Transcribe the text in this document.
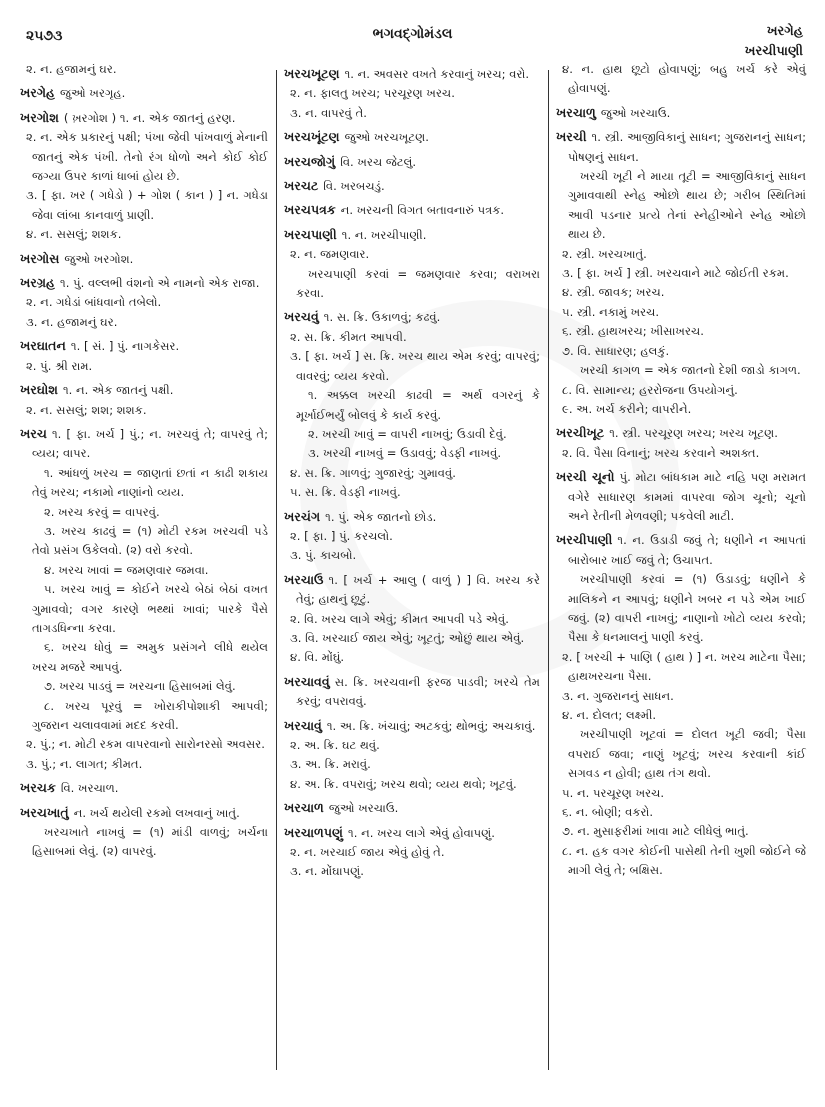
૨૫૭૩	ભગવદ્ગોમંડલ	ખરગેહ
ખરચીપાણી

૨. ન. હજામનું ઘર.

ખરગેહ જુઓ ખરગૃહ.

ખરગોશ ( ખ઼રગોશ ) ૧. ન. એક જાતનું હરણ.

૨. ન. એક પ્રકારનું પક્ષી; પંખા જેવી પાંખવાળું મેનાની જાતનું એક પંખી. તેનો રંગ ધોળો અને કોઈ કોઈ જગ્યા ઉપર કાળાં ધાબાં હોય છે.

૩. [ ફા. ખર ( ગધેડો ) + ગોશ ( કાન ) ] ન. ગધેડા જેવા લાંબા કાનવાળું પ્રાણી.

૪. ન. સસલું; શશક.

ખરગોસ જુઓ ખરગોશ.

ખરગ્રહ ૧. પું. વલ્લભી વંશનો એ નામનો એક રાજા.

૨. ન. ગધેડાં બાંધવાનો તબેલો.

૩. ન. હજામનું ઘર.

ખરઘાતન ૧. [ સં. ] પું. નાગકેસર.

૨. પું. શ્રી રામ.

ખરઘોશ ૧. ન. એક જાતનું પક્ષી.

૨. ન. સસલું; શશ; શશક.

ખરચ ૧. [ ફા. ખર્ચ ] પું.; ન. ખરચવું તે; વાપરવું તે; વ્યય; વાપર.

૧. આંધળું ખરચ = જાણતાં છતાં ન કાઢી શકાય તેવું ખરચ; નકામો નાણાંનો વ્યય.

૨. ખરચ કરવું = વાપરવું.

૩. ખરચ કાઢવું = (૧) મોટી રકમ ખરચવી પડે તેવો પ્રસંગ ઉકેલવો. (૨) વરો કરવો.

૪. ખરચ ખાવાં = જમણવાર જમવા.

૫. ખરચ ખાવું = કોઈને ખરચે બેઠાં બેઠાં વખત ગુમાવવો; વગર કારણે ભથ્થાં ખાવાં; પારકે પૈસે તાગડધિન્ના કરવા.

૬. ખરચ ધોવું = અમુક પ્રસંગને લીધે થયેલ ખરચ મજરે આપવું.

૭. ખરચ પાડવું = ખરચના હિસાબમાં લેવું.

૮. ખરચ પૂરવું = ખોરાકીપોશાકી આપવી; ગુજરાન ચલાવવામાં મદદ કરવી.

૨. પું.; ન. મોટી રકમ વાપરવાનો સારોનરસો અવસર.

૩. પું.; ન. લાગત; કીમત.

ખરચક વિ. ખરચાળ.

ખરચખાતું ન. ખર્ચ થયેલી રકમો લખવાનું ખાતું.

ખરચખાતે નાખવું = (૧) માંડી વાળવું; ખર્ચના હિસાબમાં લેવું. (૨) વાપરવું.

ખરચખૂટણ ૧. ન. અવસર વખતે કરવાનું ખરચ; વરો.

૨. ન. ફાલતુ ખરચ; પરચૂરણ ખરચ.

૩. ન. વાપરવું તે.

ખરચખૂંટણ જુઓ ખરચખૂટણ.

ખરચજોગું વિ. ખરચ જેટલું.

ખરચટ વિ. ખરબચડું.

ખરચપત્રક ન. ખરચની વિગત બતાવનારું પત્રક.

ખરચપાણી ૧. ન. ખરચીપાણી.

૨. ન. જમણવાર.

ખરચપાણી કરવાં = જમણવાર કરવા; વરાખરા કરવા.

ખરચવું ૧. સ. ક્રિ. ઉકાળવું; કઢવું.

૨. સ. ક્રિ. કીમત આપવી.

૩. [ ફા. ખર્ચ ] સ. ક્રિ. ખરચ થાય એમ કરવું; વાપરવું; વાવરવું; વ્યય કરવો.

૧. અક્કલ ખરચી કાઢવી = અર્થ વગરનું કે મૂર્ખાઈભર્યું બોલવું કે કાર્ય કરવું.

૨. ખરચી ખાવું = વાપરી નાખવું; ઉડાવી દેવું.

૩. ખરચી નાખવું = ઉડાવવું; વેડફી નાખવું.

૪. સ. ક્રિ. ગાળવું; ગુજારવું; ગુમાવવું.

૫. સ. ક્રિ. વેડફી નાખવું.

ખરચંગ ૧. પું. એક જાતનો છોડ.

૨. [ ફા. ] પું. કરચલો.

૩. પું. કાચબો.

ખરચાઉ ૧. [ ખર્ચ + આલુ ( વાળું ) ] વિ. ખરચ કરે તેવું; હાથનું છૂટું.

૨. વિ. ખરચ લાગે એવું; કીમત આપવી પડે એવું.

૩. વિ. ખરચાઈ જાય એવું; ખૂટતું; ઓછું થાય એવું.

૪. વિ. મોંઘું.

ખરચાવવું સ. ક્રિ. ખરચવાની ફરજ પાડવી; ખરચે તેમ કરવું; વપરાવવું.

ખરચાવું ૧. અ. ક્રિ. ખંચાવું; અટકવું; થોભવું; અચકાવું.

૨. અ. ક્રિ. ઘટ થવું.

૩. અ. ક્રિ. મરાવું.

૪. અ. ક્રિ. વપરાવું; ખરચ થવો; વ્યય થવો; ખૂટવું.

ખરચાળ જુઓ ખરચાઉ.

ખરચાળપણું ૧. ન. ખરચ લાગે એવું હોવાપણું.

૨. ન. ખરચાઈ જાય એવું હોવું તે.

૩. ન. મોંઘાપણું.

૪. ન. હાથ છૂટો હોવાપણું; બહુ ખર્ચ કરે એવું હોવાપણું.

ખરચાળુ જુઓ ખરચાઉ.

ખરચી ૧. સ્ત્રી. આજીવિકાનું સાધન; ગુજરાનનું સાધન; પોષણનું સાધન.

ખરચી ખૂટી ને માયા તૂટી = આજીવિકાનું સાધન ગુમાવવાથી સ્નેહ ઓછો થાય છે; ગરીબ સ્થિતિમાં આવી પડનાર પ્રત્યે તેનાં સ્નેહીઓને સ્નેહ ઓછો થાય છે.

૨. સ્ત્રી. ખરચખાતું.

૩. [ ફા. ખર્ચ ] સ્ત્રી. ખરચવાને માટે જોઈતી રકમ.

૪. સ્ત્રી. જાવક; ખરચ.

૫. સ્ત્રી. નકામું ખરચ.

૬. સ્ત્રી. હાથખરચ; ખીસાખરચ.

૭. વિ. સાધારણ; હલકું.

ખરચી કાગળ = એક જાતનો દેશી જાડો કાગળ.

૮. વિ. સામાન્ય; હરરોજના ઉપયોગનું.

૯. અ. ખર્ચ કરીને; વાપરીને.

ખરચીખૂટ ૧. સ્ત્રી. પરચૂરણ ખરચ; ખરચ ખૂટણ.

૨. વિ. પૈસા વિનાનું; ખરચ કરવાને અશક્ત.

ખરચી ચૂનો પું. મોટા બાંધકામ માટે નહિ પણ મરામત વગેરે સાધારણ કામમાં વાપરવા જોગ ચૂનો; ચૂનો અને રેતીની મેળવણી; પકવેલી માટી.

ખરચીપાણી ૧. ન. ઉડાડી જવું તે; ધણીને ન આપતાં બારોબાર ખાઈ જવું તે; ઉચાપત.

ખરચીપાણી કરવાં = (૧) ઉડાડવું; ધણીને કે માલિકને ન આપવું; ધણીને ખબર ન પડે એમ ખાઈ જવું. (૨) વાપરી નાખવું; નાણાનો ખોટો વ્યય કરવો; પૈસા કે ધનમાલનું પાણી કરવું.

૨. [ ખરચી + પાણિ ( હાથ ) ] ન. ખરચ માટેના પૈસા; હાથખરચના પૈસા.

૩. ન. ગુજરાનનું સાધન.

૪. ન. દોલત; લક્ષ્મી.

ખરચીપાણી ખૂટવાં = દોલત ખૂટી જવી; પૈસા વપરાઈ જવા; નાણું ખૂટવું; ખરચ કરવાની કાંઈ સગવડ ન હોવી; હાથ તંગ થવો.

૫. ન. પરચૂરણ ખરચ.

૬. ન. બોણી; વકરો.

૭. ન. મુસાફરીમાં ખાવા માટે લીધેલું ભાતું.

૮. ન. હક વગર કોઈની પાસેથી તેની ખુશી જોઈને જે માગી લેવું તે; બક્ષિસ.
